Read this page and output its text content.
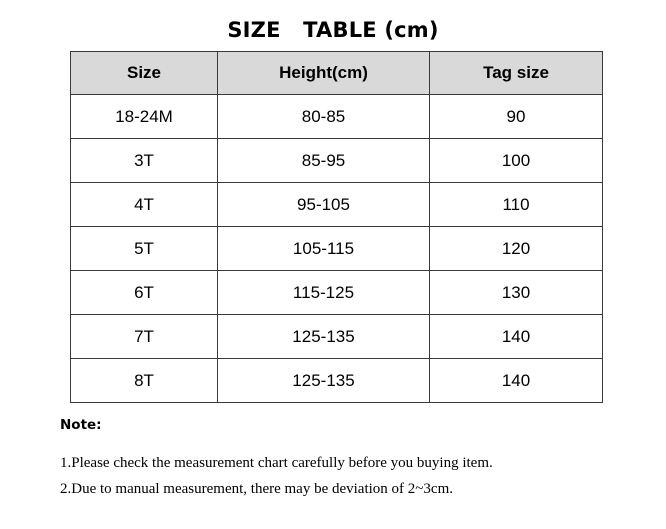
SIZE   TABLE (cm)
Size	Height(cm)	Tag size
18-24M	80-85	90
3T	85-95	100
4T	95-105	110
5T	105-115	120
6T	115-125	130
7T	125-135	140
8T	125-135	140
Note:
1.Please check the measurement chart carefully before you buying item.
2.Due to manual measurement, there may be deviation of 2~3cm.
